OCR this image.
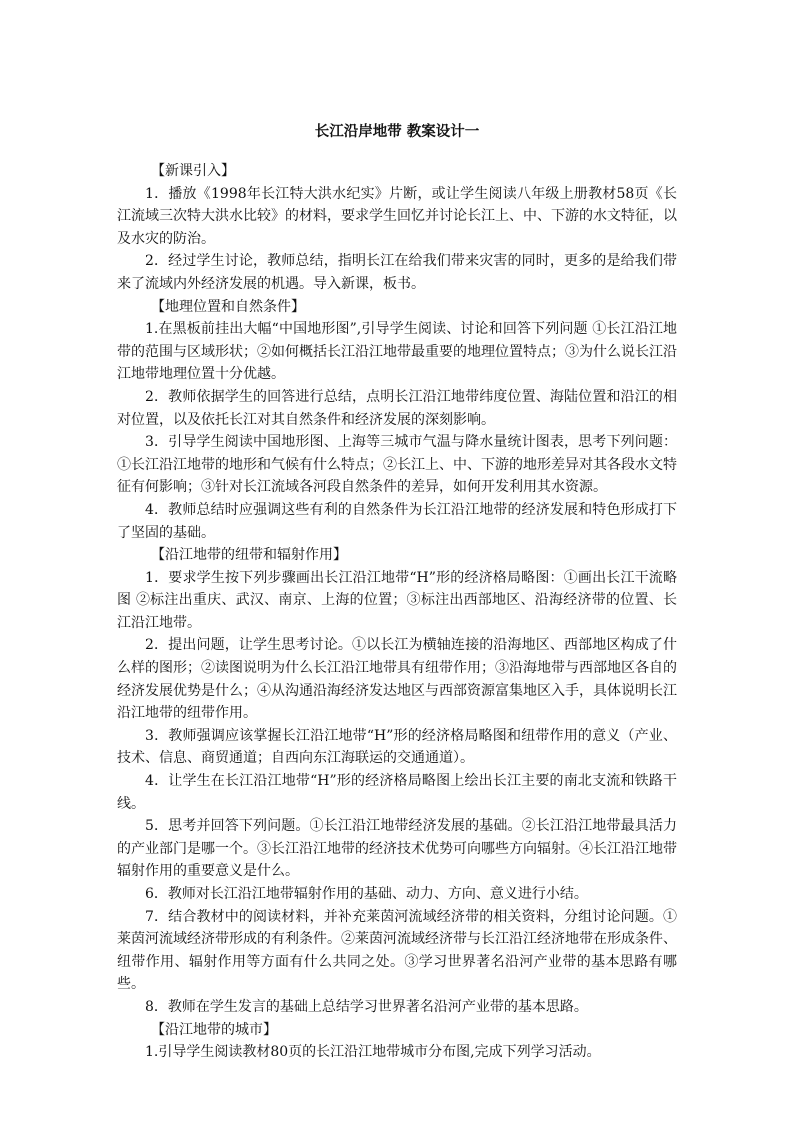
长江沿岸地带 教案设计一

【新课引入】

1．播放《1998年长江特大洪水纪实》片断，或让学生阅读八年级上册教材58页《长江流域三次特大洪水比较》的材料，要求学生回忆并讨论长江上、中、下游的水文特征，以及水灾的防治。

2．经过学生讨论，教师总结，指明长江在给我们带来灾害的同时，更多的是给我们带来了流域内外经济发展的机遇。导入新课，板书。

【地理位置和自然条件】

1.在黑板前挂出大幅“中国地形图”,引导学生阅读、讨论和回答下列问题 ①长江沿江地带的范围与区域形状；②如何概括长江沿江地带最重要的地理位置特点；③为什么说长江沿江地带地理位置十分优越。

2．教师依据学生的回答进行总结，点明长江沿江地带纬度位置、海陆位置和沿江的相对位置，以及依托长江对其自然条件和经济发展的深刻影响。

3．引导学生阅读中国地形图、上海等三城市气温与降水量统计图表，思考下列问题：①长江沿江地带的地形和气候有什么特点；②长江上、中、下游的地形差异对其各段水文特征有何影响；③针对长江流域各河段自然条件的差异，如何开发利用其水资源。

4．教师总结时应强调这些有利的自然条件为长江沿江地带的经济发展和特色形成打下了坚固的基础。

【沿江地带的纽带和辐射作用】

1．要求学生按下列步骤画出长江沿江地带“H”形的经济格局略图：①画出长江干流略图 ②标注出重庆、武汉、南京、上海的位置；③标注出西部地区、沿海经济带的位置、长江沿江地带。

2．提出问题，让学生思考讨论。①以长江为横轴连接的沿海地区、西部地区构成了什么样的图形；②读图说明为什么长江沿江地带具有纽带作用；③沿海地带与西部地区各自的经济发展优势是什么；④从沟通沿海经济发达地区与西部资源富集地区入手，具体说明长江沿江地带的纽带作用。

3．教师强调应该掌握长江沿江地带“H”形的经济格局略图和纽带作用的意义（产业、技术、信息、商贸通道；自西向东江海联运的交通通道）。

4．让学生在长江沿江地带“H”形的经济格局略图上绘出长江主要的南北支流和铁路干线。

5．思考并回答下列问题。①长江沿江地带经济发展的基础。②长江沿江地带最具活力的产业部门是哪一个。③长江沿江地带的经济技术优势可向哪些方向辐射。④长江沿江地带辐射作用的重要意义是什么。

6．教师对长江沿江地带辐射作用的基础、动力、方向、意义进行小结。

7．结合教材中的阅读材料，并补充莱茵河流域经济带的相关资料，分组讨论问题。①莱茵河流域经济带形成的有利条件。②莱茵河流域经济带与长江沿江经济地带在形成条件、纽带作用、辐射作用等方面有什么共同之处。③学习世界著名沿河产业带的基本思路有哪些。

8．教师在学生发言的基础上总结学习世界著名沿河产业带的基本思路。

【沿江地带的城市】

1.引导学生阅读教材80页的长江沿江地带城市分布图,完成下列学习活动。
